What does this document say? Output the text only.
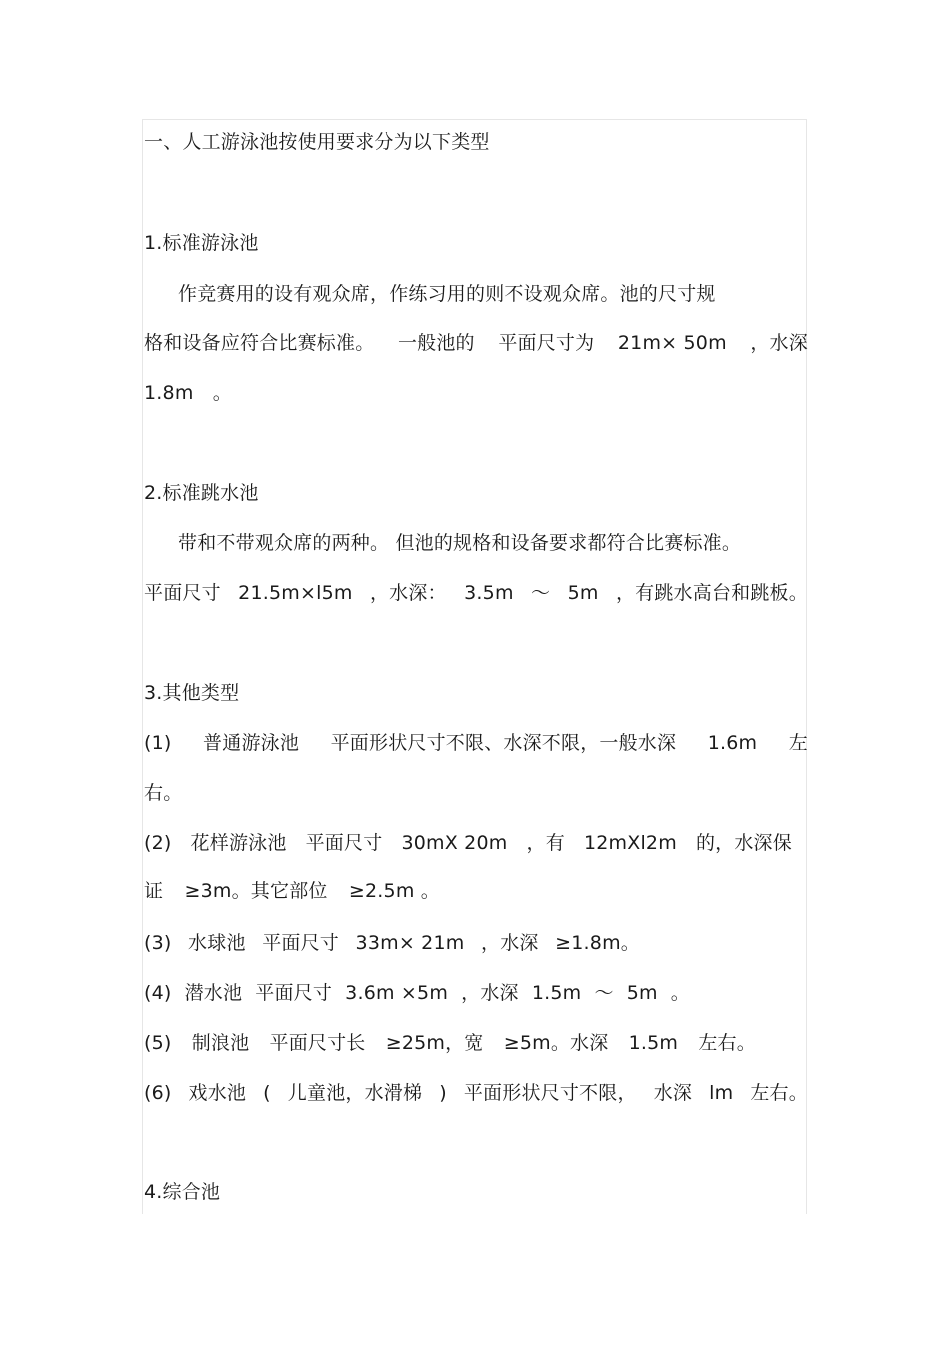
一、人工游泳池按使用要求分为以下类型
1.标准游泳池
作竞赛用的设有观众席，作练习用的则不设观众席。池的尺寸规
格和设备应符合比赛标准。 一般池的 平面尺寸为 21m× 50m ，水深
1.8m　。
2.标准跳水池
带和不带观众席的两种。 但池的规格和设备要求都符合比赛标准。
平面尺寸 21.5m×l5m ，水深： 3.5m ～ 5m ，有跳水高台和跳板。
3.其他类型
(1) 普通游泳池 平面形状尺寸不限、水深不限，一般水深 1.6m 左
右。
(2) 花样游泳池 平面尺寸 30mX 20m ，有 12mXl2m 的，水深保
证 ≥3m。其它部位 ≥2.5m 。
(3) 水球池 平面尺寸 33m× 21m ，水深 ≥1.8m。
(4) 潜水池 平面尺寸 3.6m ×5m ，水深 1.5m ～ 5m 。
(5) 制浪池 平面尺寸长 ≥25m，宽 ≥5m。水深 1.5m 左右。
(6) 戏水池 ( 儿童池，水滑梯 ) 平面形状尺寸不限， 水深 lm 左右。
4.综合池
